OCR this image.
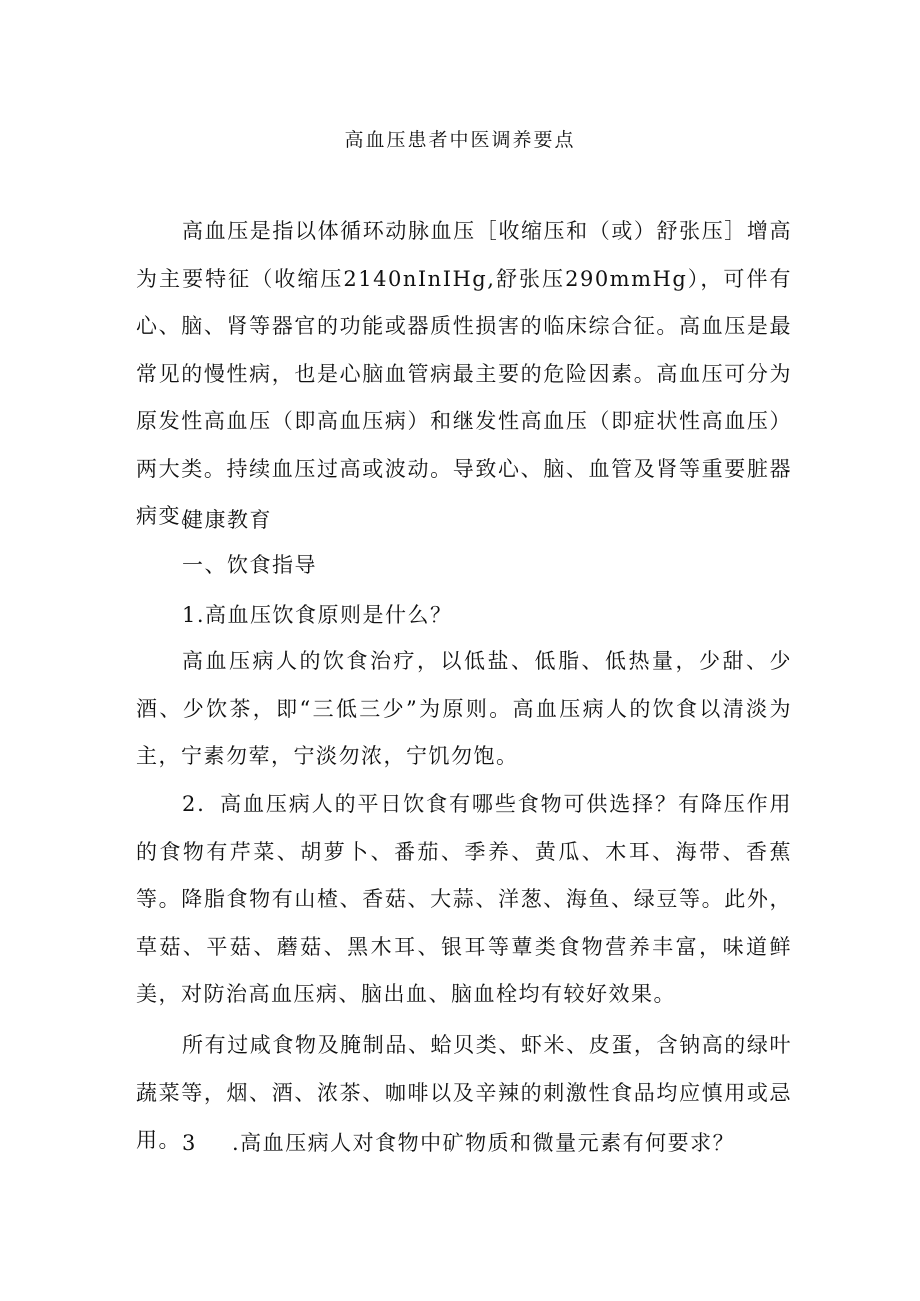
高血压患者中医调养要点

高血压是指以体循环动脉血压［收缩压和（或）舒张压］增高为主要特征（收缩压2140nInIHg,舒张压290mmHg），可伴有心、脑、肾等器官的功能或器质性损害的临床综合征。高血压是最常见的慢性病，也是心脑血管病最主要的危险因素。高血压可分为原发性高血压（即高血压病）和继发性高血压（即症状性高血压）两大类。持续血压过高或波动。导致心、脑、血管及肾等重要脏器病变。

健康教育
一、饮食指导
1.高血压饮食原则是什么？

高血压病人的饮食治疗，以低盐、低脂、低热量，少甜、少酒、少饮茶，即“三低三少”为原则。高血压病人的饮食以清淡为主，宁素勿荤，宁淡勿浓，宁饥勿饱。

2．高血压病人的平日饮食有哪些食物可供选择？有降压作用的食物有芹菜、胡萝卜、番茄、季养、黄瓜、木耳、海带、香蕉等。降脂食物有山楂、香菇、大蒜、洋葱、海鱼、绿豆等。此外，草菇、平菇、蘑菇、黑木耳、银耳等蕈类食物营养丰富，味道鲜美，对防治高血压病、脑出血、脑血栓均有较好效果。

所有过咸食物及腌制品、蛤贝类、虾米、皮蛋，含钠高的绿叶蔬菜等，烟、酒、浓茶、咖啡以及辛辣的刺激性食品均应慎用或忌用。 3 .高血压病人对食物中矿物质和微量元素有何要求？
